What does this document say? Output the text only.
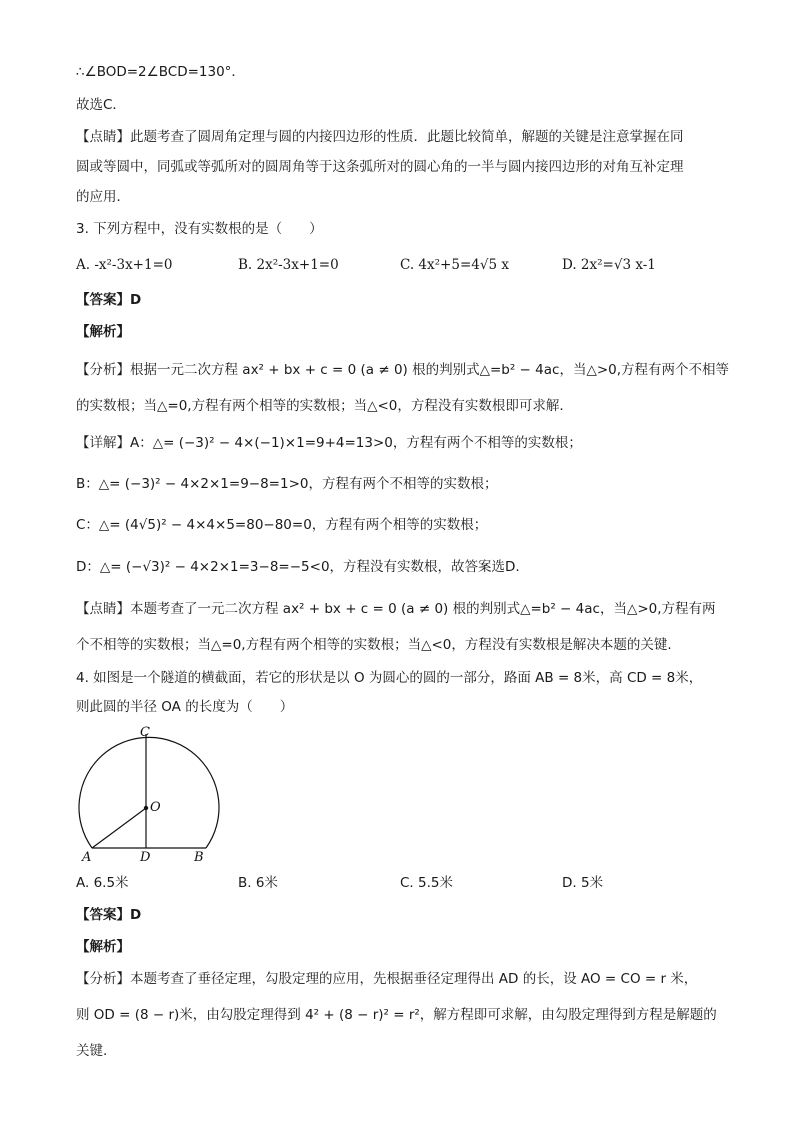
∴∠BOD=2∠BCD=130°．
故选C．
【点睛】此题考查了圆周角定理与圆的内接四边形的性质．此题比较简单，解题的关键是注意掌握在同
圆或等圆中，同弧或等弧所对的圆周角等于这条弧所对的圆心角的一半与圆内接四边形的对角互补定理
的应用．
3. 下列方程中，没有实数根的是（　　）
A. -x²-3x+1=0	B. 2x²-3x+1=0	C. 4x²+5=4√5 x	D. 2x²=√3 x-1
【答案】D
【解析】
【分析】根据一元二次方程 ax² + bx + c = 0 (a ≠ 0) 根的判别式△=b² − 4ac，当△>0,方程有两个不相等
的实数根；当△=0,方程有两个相等的实数根；当△<0，方程没有实数根即可求解.
【详解】A：△= (−3)² − 4×(−1)×1=9+4=13>0，方程有两个不相等的实数根；
B：△= (−3)² − 4×2×1=9−8=1>0，方程有两个不相等的实数根；
C：△= (4√5)² − 4×4×5=80−80=0，方程有两个相等的实数根；
D：△= (−√3)² − 4×2×1=3−8=−5<0，方程没有实数根，故答案选D.
【点睛】本题考查了一元二次方程 ax² + bx + c = 0 (a ≠ 0) 根的判别式△=b² − 4ac，当△>0,方程有两
个不相等的实数根；当△=0,方程有两个相等的实数根；当△<0，方程没有实数根是解决本题的关键.
4. 如图是一个隧道的横截面，若它的形状是以 O 为圆心的圆的一部分，路面 AB = 8米，高 CD = 8米，
则此圆的半径 OA 的长度为（　　）
C
O
A	D	B
A. 6.5米	B. 6米	C. 5.5米	D. 5米
【答案】D
【解析】
【分析】本题考查了垂径定理，勾股定理的应用，先根据垂径定理得出 AD 的长，设 AO = CO = r 米，
则 OD = (8 − r)米，由勾股定理得到 4² + (8 − r)² = r²，解方程即可求解，由勾股定理得到方程是解题的
关键.
